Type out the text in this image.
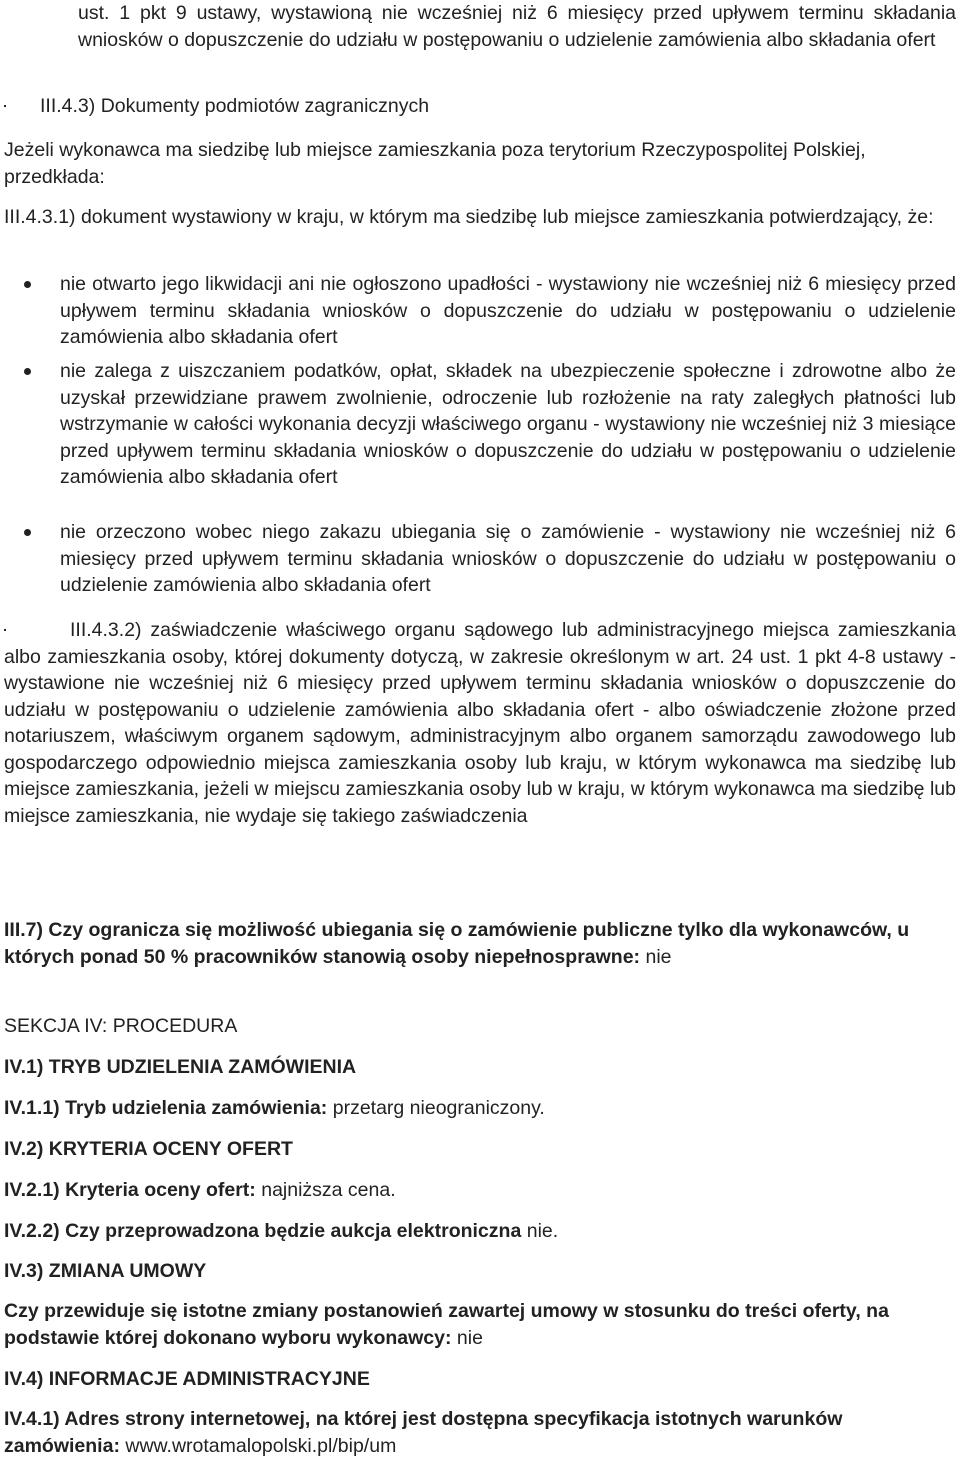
ust. 1 pkt 9 ustawy, wystawioną nie wcześniej niż 6 miesięcy przed upływem terminu składania wniosków o dopuszczenie do udziału w postępowaniu o udzielenie zamówienia albo składania ofert
III.4.3) Dokumenty podmiotów zagranicznych
Jeżeli wykonawca ma siedzibę lub miejsce zamieszkania poza terytorium Rzeczypospolitej Polskiej, przedkłada:
III.4.3.1) dokument wystawiony w kraju, w którym ma siedzibę lub miejsce zamieszkania potwierdzający, że:
nie otwarto jego likwidacji ani nie ogłoszono upadłości - wystawiony nie wcześniej niż 6 miesięcy przed upływem terminu składania wniosków o dopuszczenie do udziału w postępowaniu o udzielenie zamówienia albo składania ofert
nie zalega z uiszczaniem podatków, opłat, składek na ubezpieczenie społeczne i zdrowotne albo że uzyskał przewidziane prawem zwolnienie, odroczenie lub rozłożenie na raty zaległych płatności lub wstrzymanie w całości wykonania decyzji właściwego organu - wystawiony nie wcześniej niż 3 miesiące przed upływem terminu składania wniosków o dopuszczenie do udziału w postępowaniu o udzielenie zamówienia albo składania ofert
nie orzeczono wobec niego zakazu ubiegania się o zamówienie - wystawiony nie wcześniej niż 6 miesięcy przed upływem terminu składania wniosków o dopuszczenie do udziału w postępowaniu o udzielenie zamówienia albo składania ofert
III.4.3.2) zaświadczenie właściwego organu sądowego lub administracyjnego miejsca zamieszkania albo zamieszkania osoby, której dokumenty dotyczą, w zakresie określonym w art. 24 ust. 1 pkt 4-8 ustawy - wystawione nie wcześniej niż 6 miesięcy przed upływem terminu składania wniosków o dopuszczenie do udziału w postępowaniu o udzielenie zamówienia albo składania ofert - albo oświadczenie złożone przed notariuszem, właściwym organem sądowym, administracyjnym albo organem samorządu zawodowego lub gospodarczego odpowiednio miejsca zamieszkania osoby lub kraju, w którym wykonawca ma siedzibę lub miejsce zamieszkania, jeżeli w miejscu zamieszkania osoby lub w kraju, w którym wykonawca ma siedzibę lub miejsce zamieszkania, nie wydaje się takiego zaświadczenia
III.7) Czy ogranicza się możliwość ubiegania się o zamówienie publiczne tylko dla wykonawców, u których ponad 50 % pracowników stanowią osoby niepełnosprawne: nie
SEKCJA IV: PROCEDURA
IV.1) TRYB UDZIELENIA ZAMÓWIENIA
IV.1.1) Tryb udzielenia zamówienia: przetarg nieograniczony.
IV.2) KRYTERIA OCENY OFERT
IV.2.1) Kryteria oceny ofert: najniższa cena.
IV.2.2) Czy przeprowadzona będzie aukcja elektroniczna nie.
IV.3) ZMIANA UMOWY
Czy przewiduje się istotne zmiany postanowień zawartej umowy w stosunku do treści oferty, na podstawie której dokonano wyboru wykonawcy: nie
IV.4) INFORMACJE ADMINISTRACYJNE
IV.4.1) Adres strony internetowej, na której jest dostępna specyfikacja istotnych warunków zamówienia: www.wrotamalopolski.pl/bip/um
